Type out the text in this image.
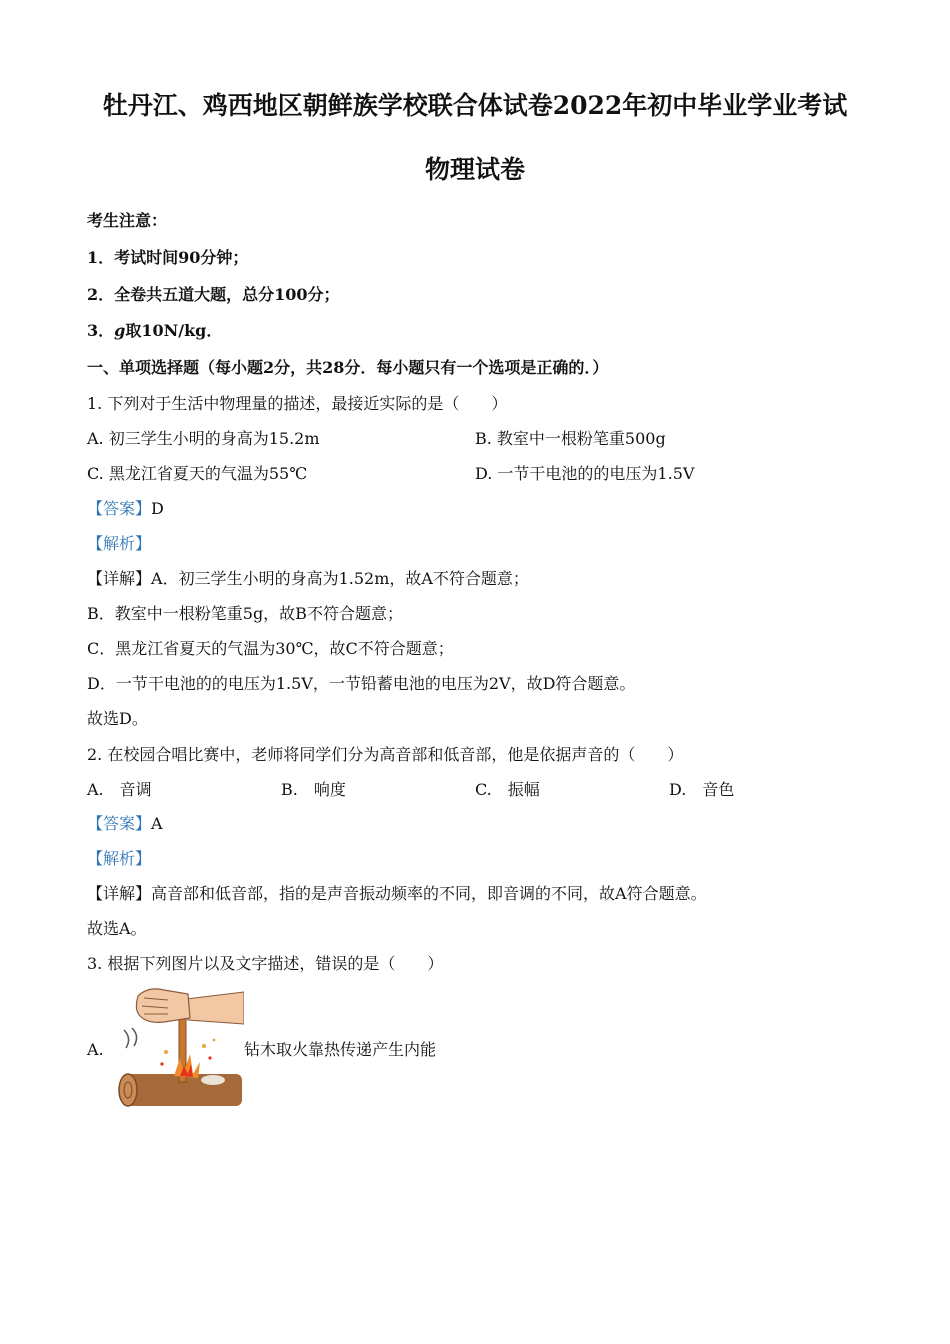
牡丹江、鸡西地区朝鲜族学校联合体试卷2022年初中毕业学业考试
物理试卷
考生注意：
1．考试时间90分钟；
2．全卷共五道大题，总分100分；
3．g取10N/kg．
一、单项选择题（每小题2分，共28分．每小题只有一个选项是正确的．）
1. 下列对于生活中物理量的描述，最接近实际的是（　　）
A. 初三学生小明的身高为15.2m	B. 教室中一根粉笔重500g
C. 黑龙江省夏天的气温为55℃	D. 一节干电池的的电压为1.5V
【答案】D
【解析】
【详解】A．初三学生小明的身高为1.52m，故A不符合题意；
B．教室中一根粉笔重5g，故B不符合题意；
C．黑龙江省夏天的气温为30℃，故C不符合题意；
D．一节干电池的的电压为1.5V，一节铅蓄电池的电压为2V，故D符合题意。
故选D。
2. 在校园合唱比赛中，老师将同学们分为高音部和低音部，他是依据声音的（　　）
A.　音调	B.　响度	C.　振幅	D.　音色
【答案】A
【解析】
【详解】高音部和低音部，指的是声音振动频率的不同，即音调的不同，故A符合题意。
故选A。
3. 根据下列图片以及文字描述，错误的是（　　）
A.	钻木取火靠热传递产生内能
